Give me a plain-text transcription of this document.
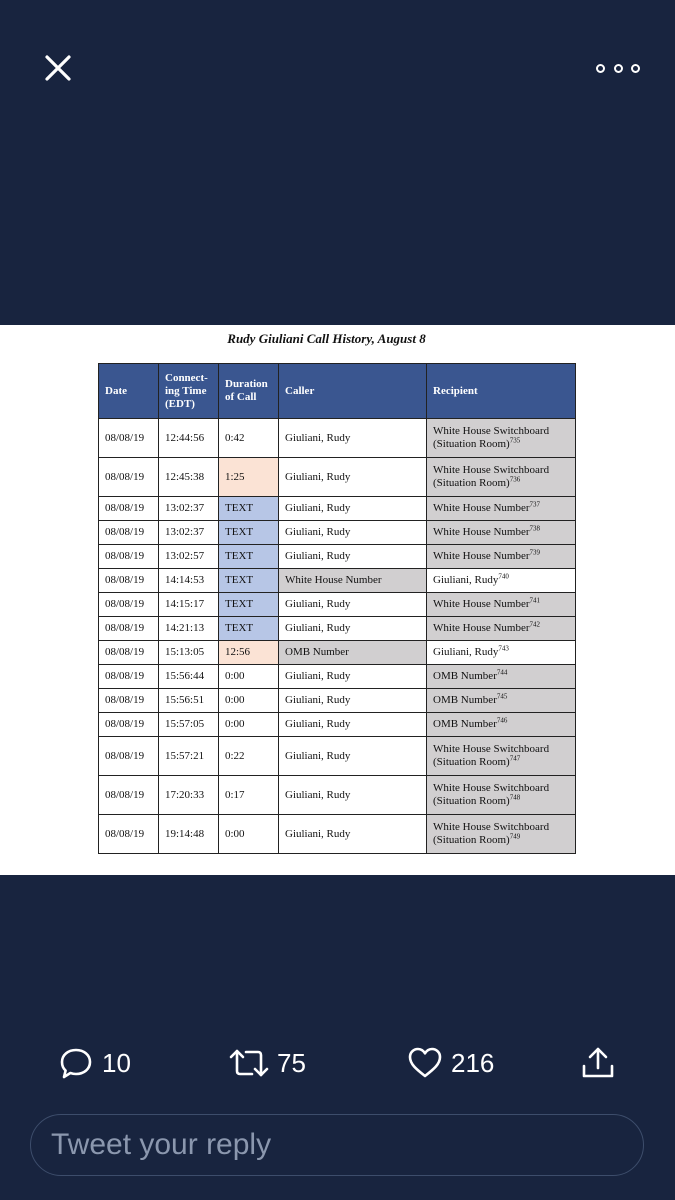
Rudy Giuliani Call History, August 8
Date	Connect-ing Time (EDT)	Duration of Call	Caller	Recipient
08/08/19	12:44:56	0:42	Giuliani, Rudy	White House Switchboard (Situation Room)$^{735}$
08/08/19	12:45:38	1:25	Giuliani, Rudy	White House Switchboard (Situation Room)$^{736}$
08/08/19	13:02:37	TEXT	Giuliani, Rudy	White House Number$^{737}$
08/08/19	13:02:37	TEXT	Giuliani, Rudy	White House Number$^{738}$
08/08/19	13:02:57	TEXT	Giuliani, Rudy	White House Number$^{739}$
08/08/19	14:14:53	TEXT	White House Number	Giuliani, Rudy$^{740}$
08/08/19	14:15:17	TEXT	Giuliani, Rudy	White House Number$^{741}$
08/08/19	14:21:13	TEXT	Giuliani, Rudy	White House Number$^{742}$
08/08/19	15:13:05	12:56	OMB Number	Giuliani, Rudy$^{743}$
08/08/19	15:56:44	0:00	Giuliani, Rudy	OMB Number$^{744}$
08/08/19	15:56:51	0:00	Giuliani, Rudy	OMB Number$^{745}$
08/08/19	15:57:05	0:00	Giuliani, Rudy	OMB Number$^{746}$
08/08/19	15:57:21	0:22	Giuliani, Rudy	White House Switchboard (Situation Room)$^{747}$
08/08/19	17:20:33	0:17	Giuliani, Rudy	White House Switchboard (Situation Room)$^{748}$
08/08/19	19:14:48	0:00	Giuliani, Rudy	White House Switchboard (Situation Room)$^{749}$
10	75	216
Tweet your reply
